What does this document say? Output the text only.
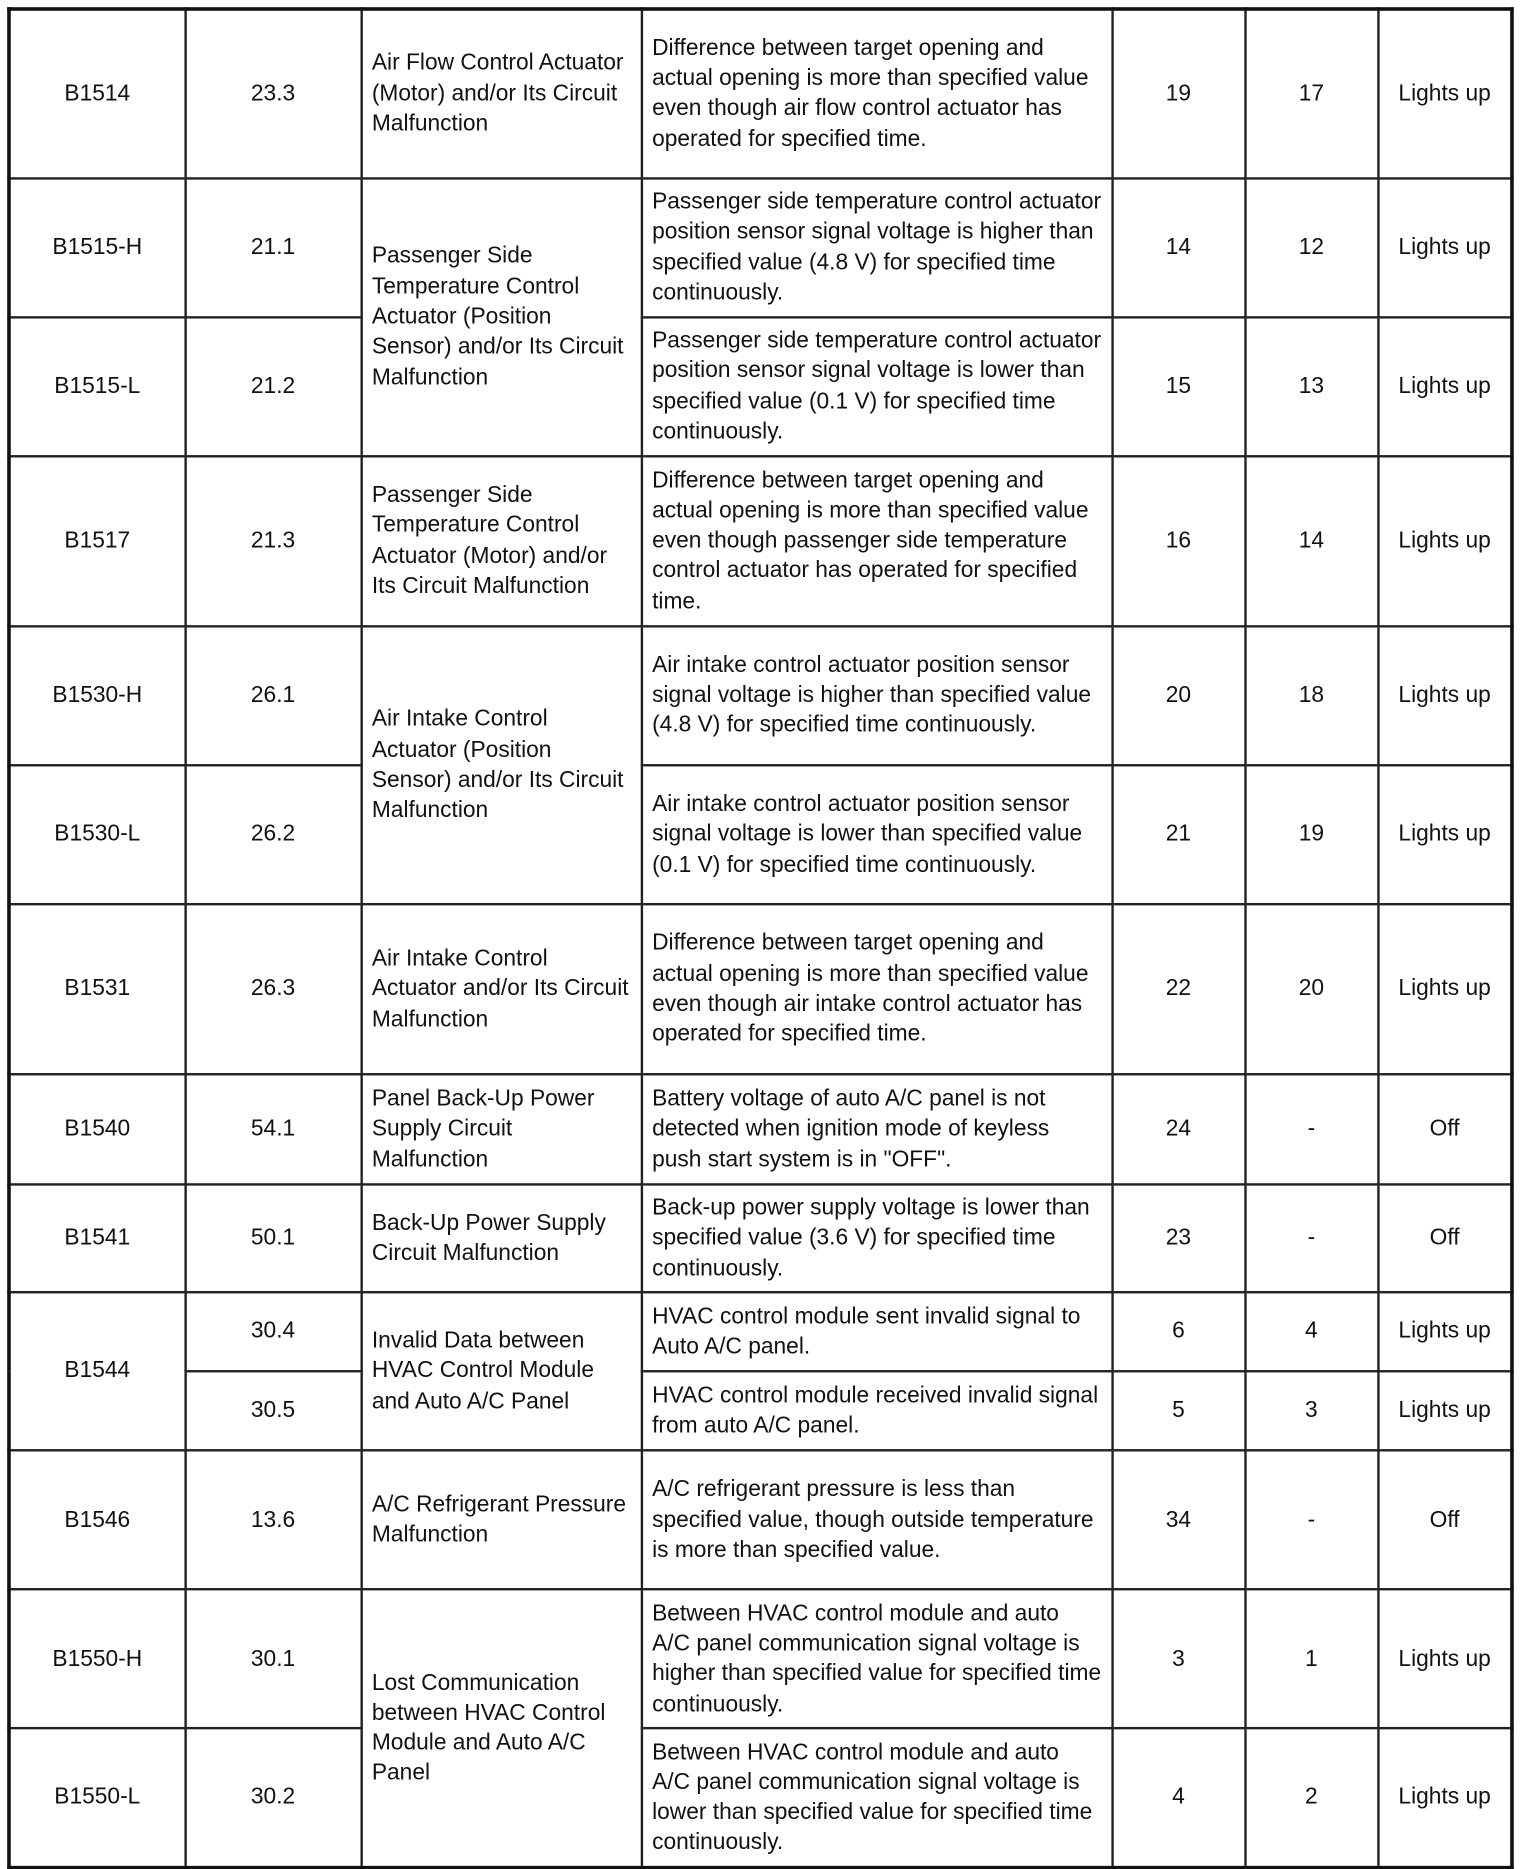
B1514	23.3	Air Flow Control Actuator (Motor) and/or Its Circuit Malfunction	Difference between target opening and actual opening is more than specified value even though air flow control actuator has operated for specified time.	19	17	Lights up
B1515-H	21.1	Passenger Side Temperature Control Actuator (Position Sensor) and/or Its Circuit Malfunction	Passenger side temperature control actuator position sensor signal voltage is higher than specified value (4.8 V) for specified time continuously.	14	12	Lights up
B1515-L	21.2		Passenger side temperature control actuator position sensor signal voltage is lower than specified value (0.1 V) for specified time continuously.	15	13	Lights up
B1517	21.3	Passenger Side Temperature Control Actuator (Motor) and/or Its Circuit Malfunction	Difference between target opening and actual opening is more than specified value even though passenger side temperature control actuator has operated for specified time.	16	14	Lights up
B1530-H	26.1	Air Intake Control Actuator (Position Sensor) and/or Its Circuit Malfunction	Air intake control actuator position sensor signal voltage is higher than specified value (4.8 V) for specified time continuously.	20	18	Lights up
B1530-L	26.2		Air intake control actuator position sensor signal voltage is lower than specified value (0.1 V) for specified time continuously.	21	19	Lights up
B1531	26.3	Air Intake Control Actuator and/or Its Circuit Malfunction	Difference between target opening and actual opening is more than specified value even though air intake control actuator has operated for specified time.	22	20	Lights up
B1540	54.1	Panel Back-Up Power Supply Circuit Malfunction	Battery voltage of auto A/C panel is not detected when ignition mode of keyless push start system is in "OFF".	24	-	Off
B1541	50.1	Back-Up Power Supply Circuit Malfunction	Back-up power supply voltage is lower than specified value (3.6 V) for specified time continuously.	23	-	Off
B1544	30.4	Invalid Data between HVAC Control Module and Auto A/C Panel	HVAC control module sent invalid signal to Auto A/C panel.	6	4	Lights up
	30.5		HVAC control module received invalid signal from auto A/C panel.	5	3	Lights up
B1546	13.6	A/C Refrigerant Pressure Malfunction	A/C refrigerant pressure is less than specified value, though outside temperature is more than specified value.	34	-	Off
B1550-H	30.1	Lost Communication between HVAC Control Module and Auto A/C Panel	Between HVAC control module and auto A/C panel communication signal voltage is higher than specified value for specified time continuously.	3	1	Lights up
B1550-L	30.2		Between HVAC control module and auto A/C panel communication signal voltage is lower than specified value for specified time continuously.	4	2	Lights up
